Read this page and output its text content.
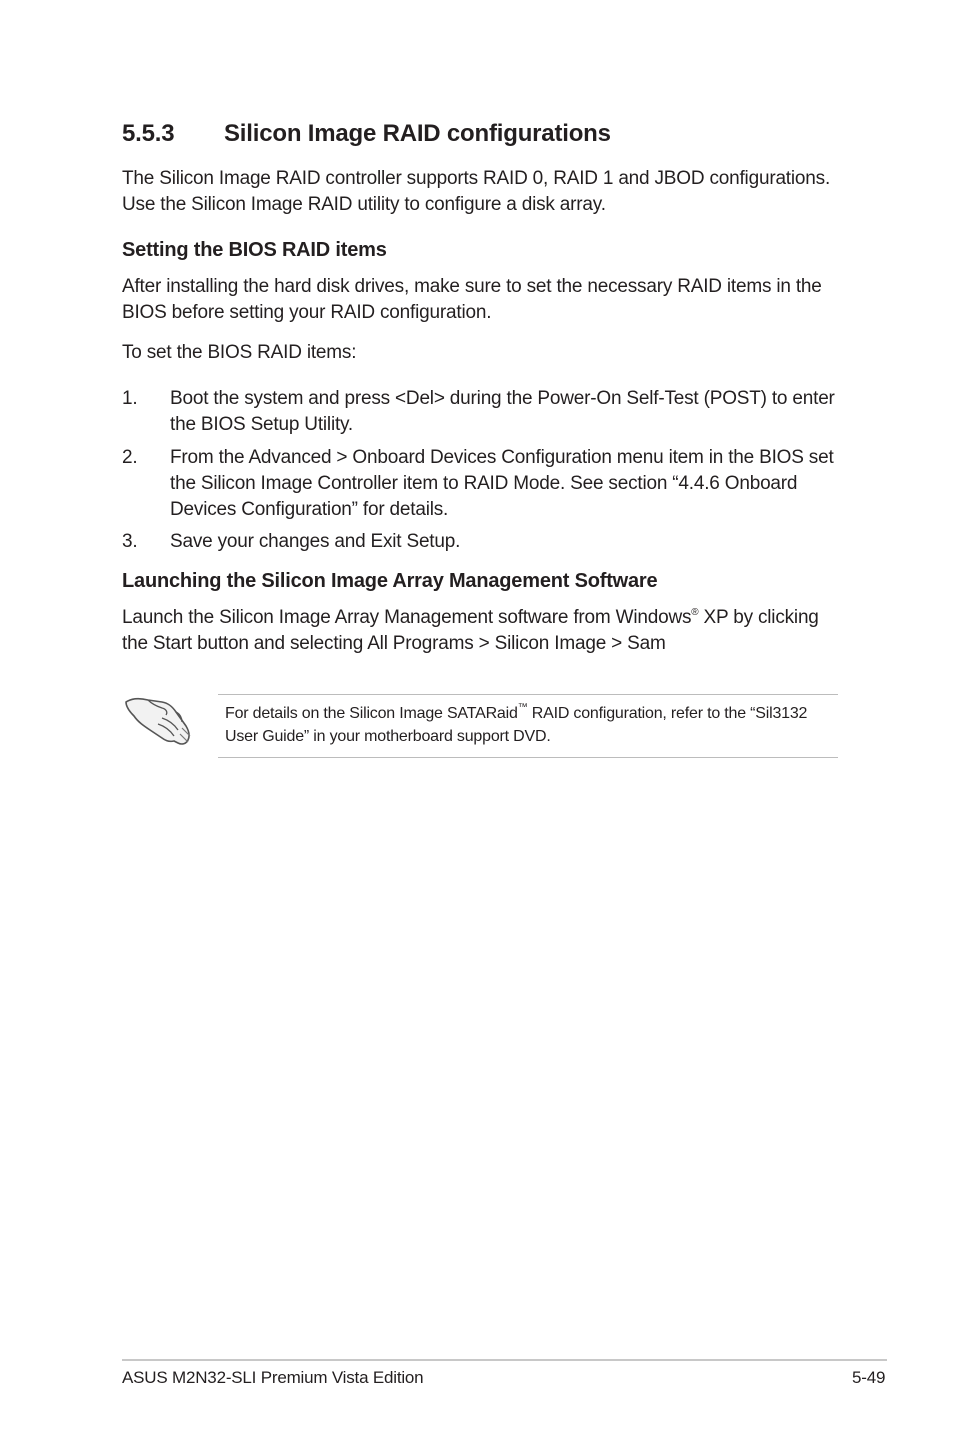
5.5.3	Silicon Image RAID configurations

The Silicon Image RAID controller supports RAID 0, RAID 1 and JBOD configurations. Use the Silicon Image RAID utility to configure a disk array.

Setting the BIOS RAID items

After installing the hard disk drives, make sure to set the necessary RAID items in the BIOS before setting your RAID configuration.

To set the BIOS RAID items:

1.	Boot the system and press <Del> during the Power-On Self-Test (POST) to enter the BIOS Setup Utility.
2.	From the Advanced > Onboard Devices Configuration menu item in the BIOS set the Silicon Image Controller item to RAID Mode. See section “4.4.6 Onboard Devices Configuration” for details.
3.	Save your changes and Exit Setup.
Launching the Silicon Image Array Management Software

Launch the Silicon Image Array Management software from Windows® XP by clicking the Start button and selecting All Programs > Silicon Image > Sam

For details on the Silicon Image SATARaid™ RAID configuration, refer to the “Sil3132 User Guide” in your motherboard support DVD.

ASUS M2N32-SLI Premium Vista Edition	5-49
